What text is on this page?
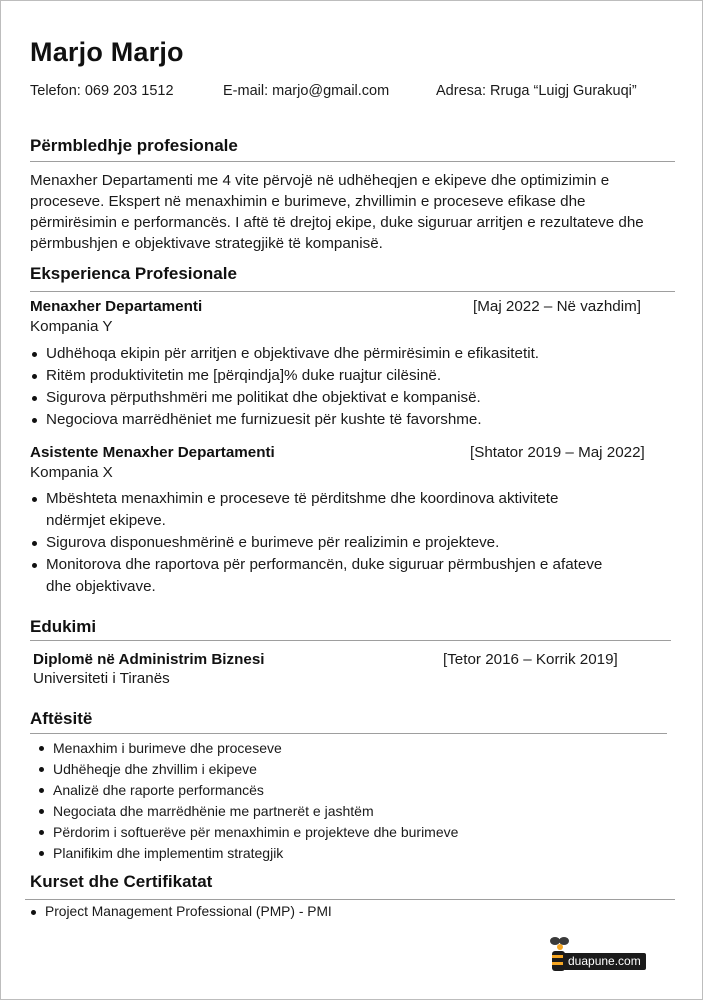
Marjo Marjo
Telefon: 069 203 1512	E-mail: marjo@gmail.com	Adresa: Rruga “Luigj Gurakuqi”
Përmbledhje profesionale
Menaxher Departamenti me 4 vite përvojë në udhëheqjen e ekipeve dhe optimizimin e proceseve. Ekspert në menaxhimin e burimeve, zhvillimin e proceseve efikase dhe përmirësimin e performancës. I aftë të drejtoj ekipe, duke siguruar arritjen e rezultateve dhe përmbushjen e objektivave strategjikë të kompanisë.
Eksperienca Profesionale
Menaxher Departamenti	[Maj 2022 – Në vazhdim]
Kompania Y
Udhëhoqa ekipin për arritjen e objektivave dhe përmirësimin e efikasitetit.
Ritëm produktivitetin me [përqindja]% duke ruajtur cilësinë.
Sigurova përputhshmëri me politikat dhe objektivat e kompanisë.
Negociova marrëdhëniet me furnizuesit për kushte të favorshme.
Asistente Menaxher Departamenti	[Shtator 2019 – Maj 2022]
Kompania X
Mbështeta menaxhimin e proceseve të përditshme dhe koordinova aktivitete ndërmjet ekipeve.
Sigurova disponueshmërinë e burimeve për realizimin e projekteve.
Monitorova dhe raportova për performancën, duke siguruar përmbushjen e afateve dhe objektivave.
Edukimi
Diplomë në Administrim Biznesi	[Tetor 2016 – Korrik 2019]
Universiteti i Tiranës
Aftësitë
Menaxhim i burimeve dhe proceseve
Udhëheqje dhe zhvillim i ekipeve
Analizë dhe raporte performancës
Negociata dhe marrëdhënie me partnerët e jashtëm
Përdorim i softuerëve për menaxhimin e projekteve dhe burimeve
Planifikim dhe implementim strategjik
Kurset dhe Certifikatat
Project Management Professional (PMP) - PMI
duapune.com
